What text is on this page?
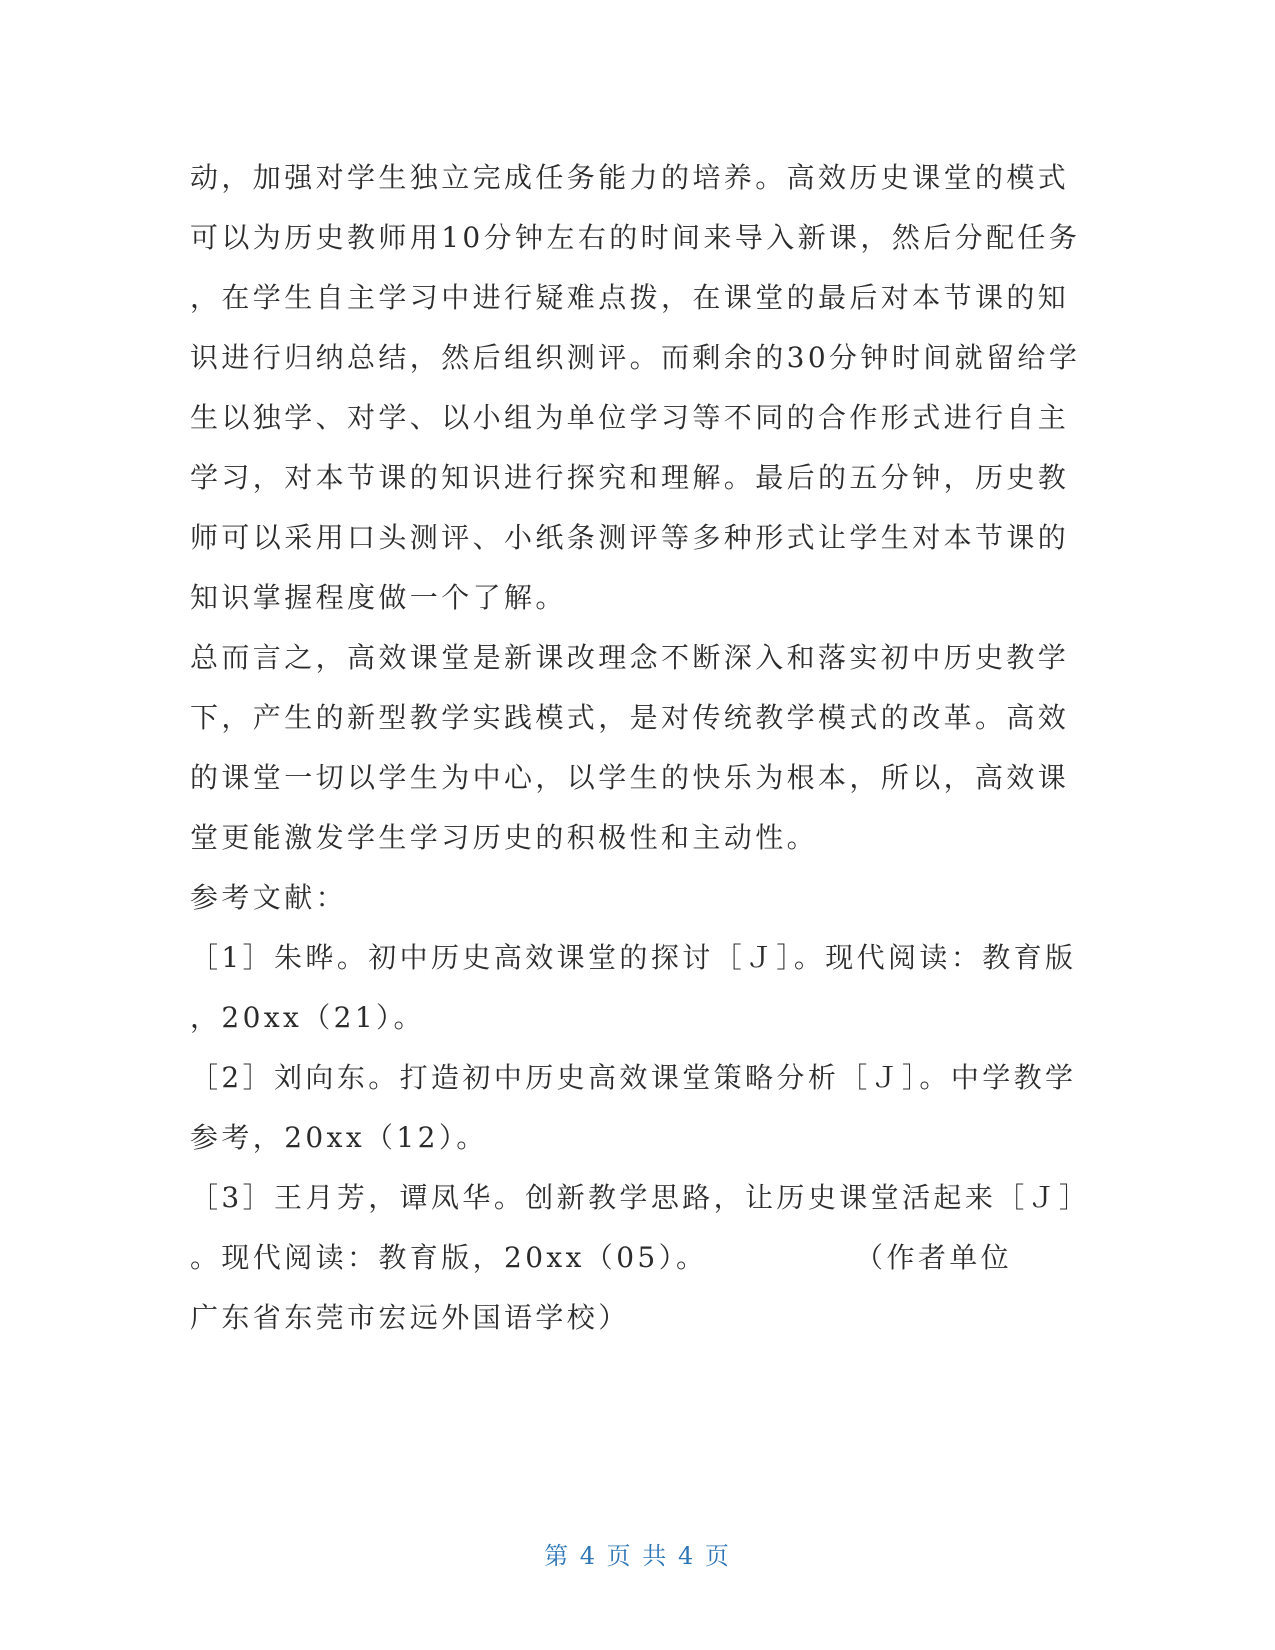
动，加强对学生独立完成任务能力的培养。高效历史课堂的模式
可以为历史教师用10分钟左右的时间来导入新课，然后分配任务
，在学生自主学习中进行疑难点拨，在课堂的最后对本节课的知
识进行归纳总结，然后组织测评。而剩余的30分钟时间就留给学
生以独学、对学、以小组为单位学习等不同的合作形式进行自主
学习，对本节课的知识进行探究和理解。最后的五分钟，历史教
师可以采用口头测评、小纸条测评等多种形式让学生对本节课的
知识掌握程度做一个了解。
总而言之，高效课堂是新课改理念不断深入和落实初中历史教学
下，产生的新型教学实践模式，是对传统教学模式的改革。高效
的课堂一切以学生为中心，以学生的快乐为根本，所以，高效课
堂更能激发学生学习历史的积极性和主动性。
参考文献：
［1］朱晔。初中历史高效课堂的探讨［Ｊ］。现代阅读：教育版
，20xx（21）。
［2］刘向东。打造初中历史高效课堂策略分析［Ｊ］。中学教学
参考，20xx（12）。
［3］王月芳，谭凤华。创新教学思路，让历史课堂活起来［Ｊ］
。现代阅读：教育版，20xx（05）。            （作者单位
广东省东莞市宏远外国语学校）
第 4 页 共 4 页
